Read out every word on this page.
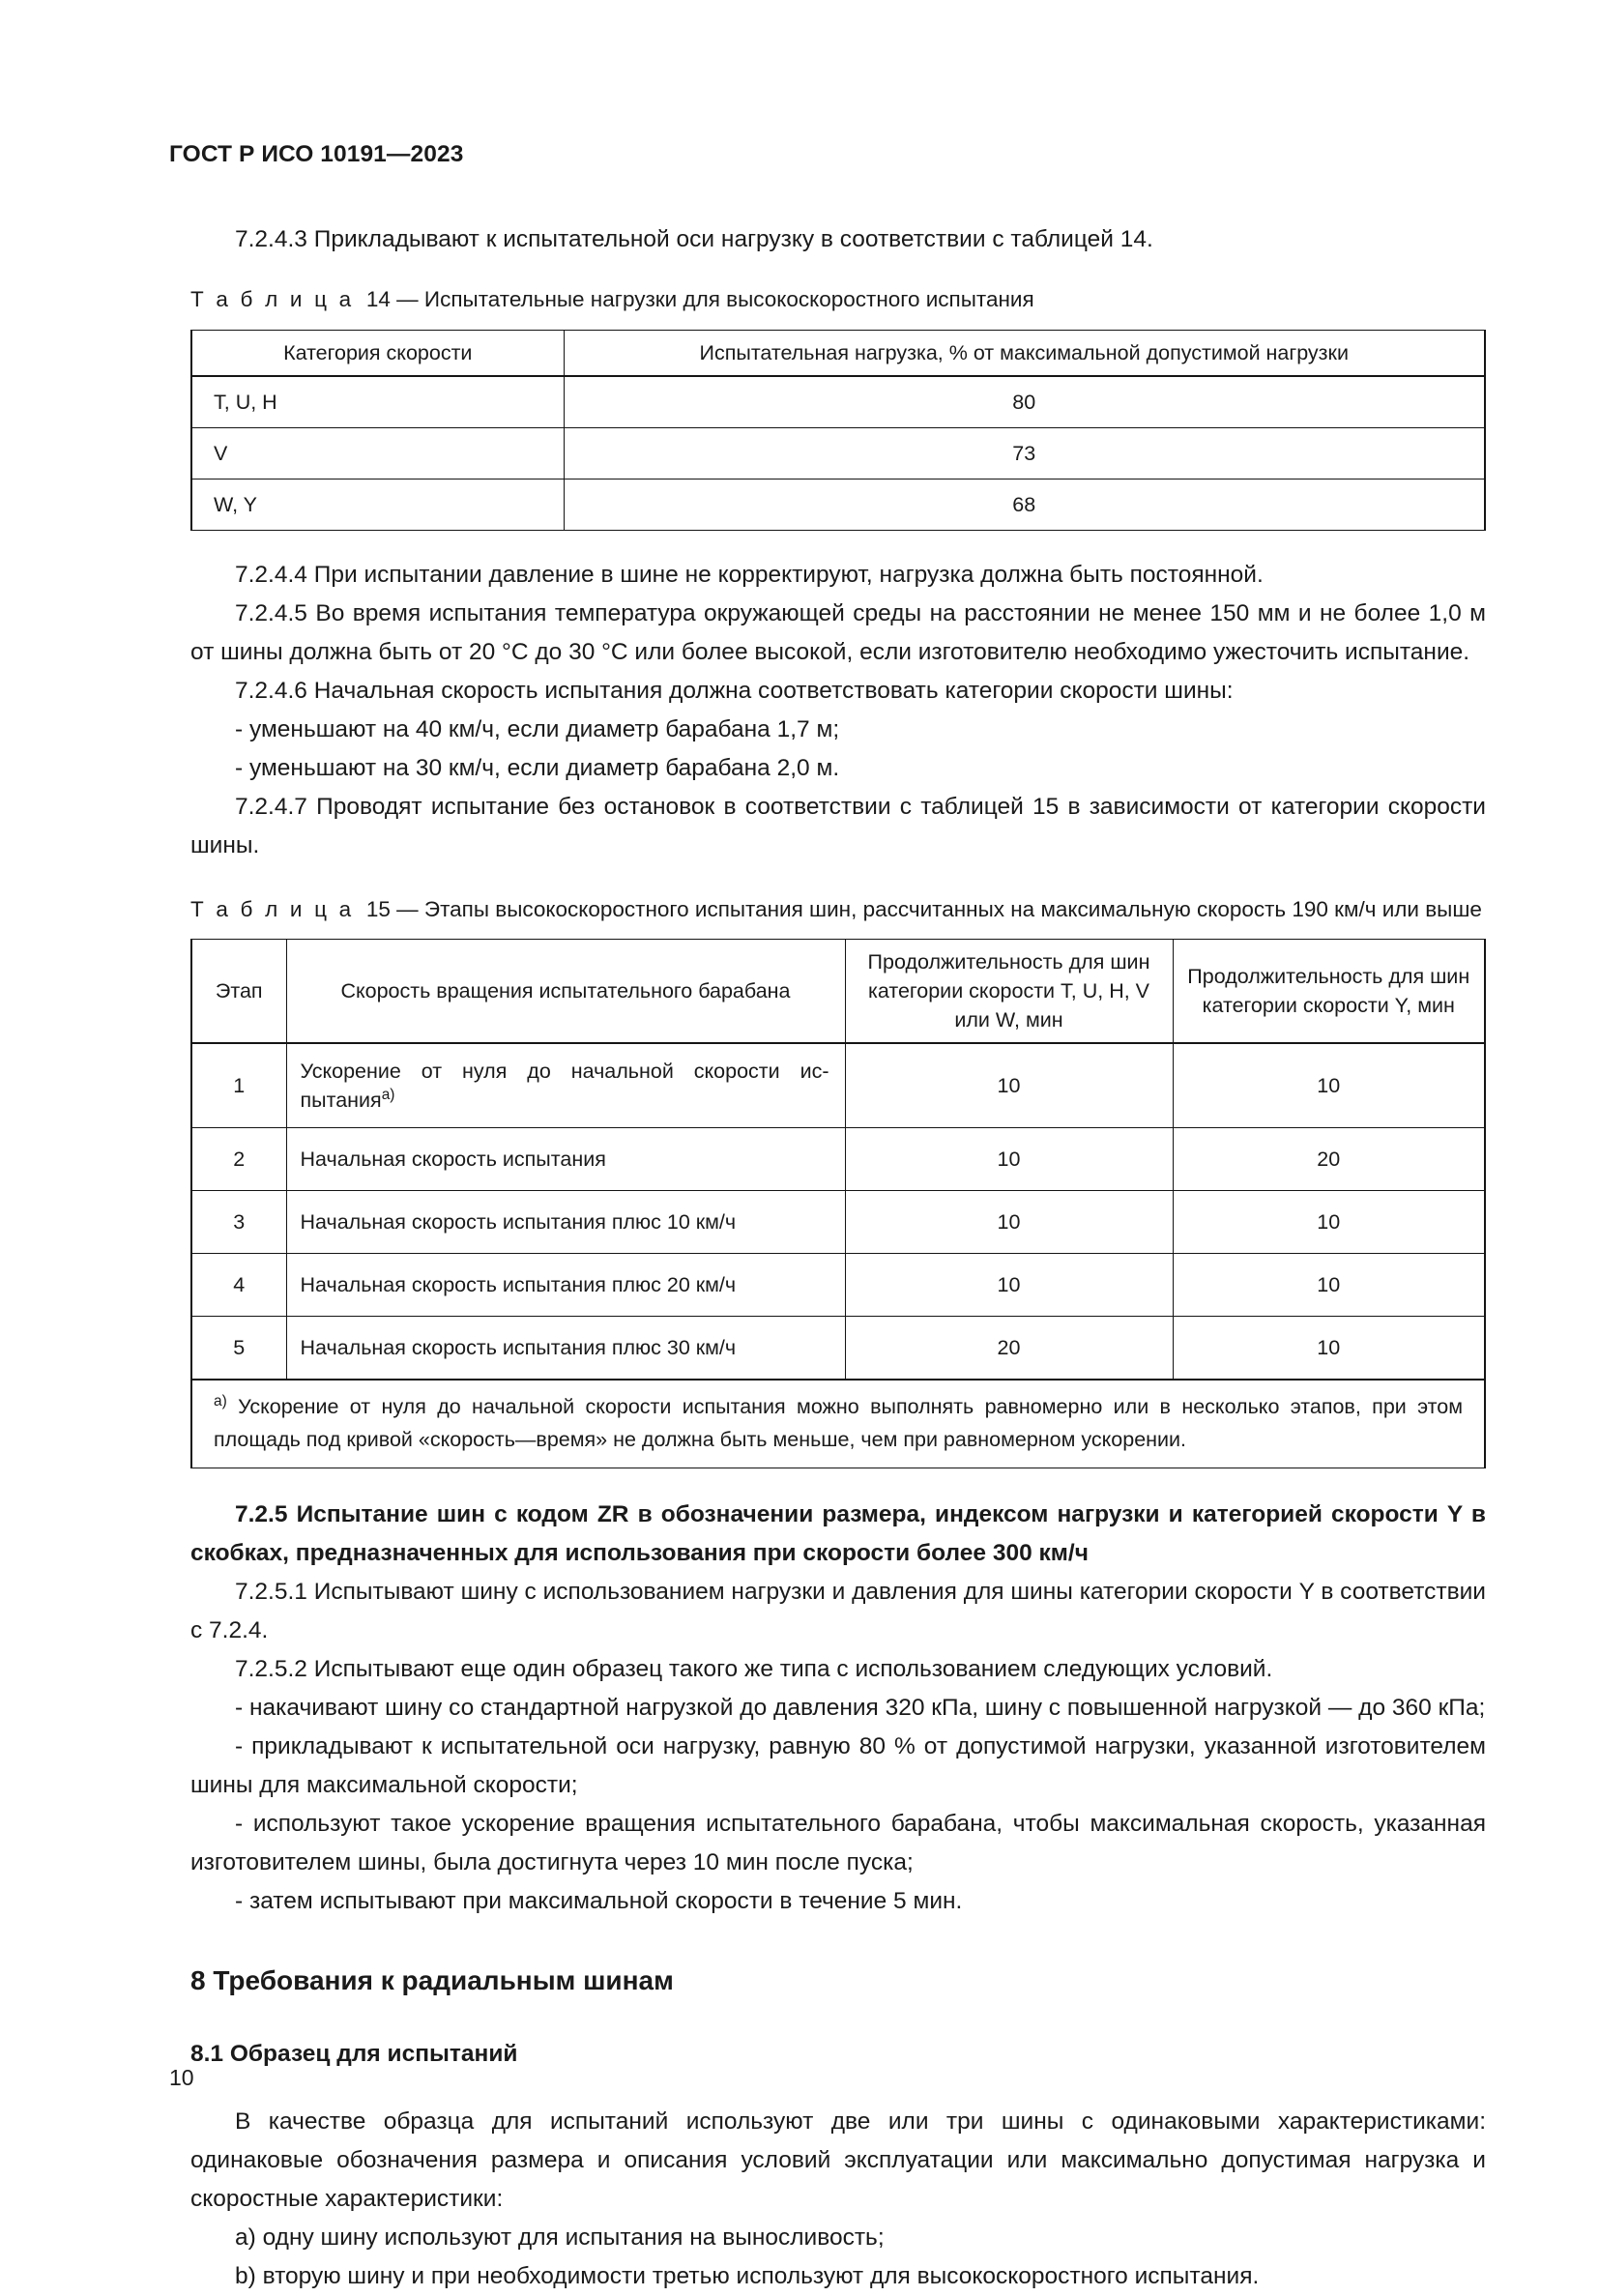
ГОСТ Р ИСО 10191—2023

7.2.4.3 Прикладывают к испытательной оси нагрузку в соответствии с таблицей 14.

Т а б л и ц а 14 — Испытательные нагрузки для высокоскоростного испытания

Категория скорости	Испытательная нагрузка, % от максимальной допустимой нагрузки
T, U, H	80
V	73
W, Y	68

7.2.4.4 При испытании давление в шине не корректируют, нагрузка должна быть постоянной.

7.2.4.5 Во время испытания температура окружающей среды на расстоянии не менее 150 мм и не более 1,0 м от шины должна быть от 20 °C до 30 °C или более высокой, если изготовителю необходимо ужесточить испытание.

7.2.4.6 Начальная скорость испытания должна соответствовать категории скорости шины:

- уменьшают на 40 км/ч, если диаметр барабана 1,7 м;

- уменьшают на 30 км/ч, если диаметр барабана 2,0 м.

7.2.4.7 Проводят испытание без остановок в соответствии с таблицей 15 в зависимости от категории скорости шины.

Т а б л и ц а 15 — Этапы высокоскоростного испытания шин, рассчитанных на максимальную скорость 190 км/ч или выше

Этап	Скорость вращения испытательного барабана	Продолжительность для шин категории скорости T, U, H, V или W, мин	Продолжительность для шин категории скорости Y, мин
1	Ускорение от нуля до начальной скорости ис-пытания$^{a)}$	10	10
2	Начальная скорость испытания	10	20
3	Начальная скорость испытания плюс 10 км/ч	10	10
4	Начальная скорость испытания плюс 20 км/ч	10	10
5	Начальная скорость испытания плюс 30 км/ч	20	10
$^{a)}$ Ускорение от нуля до начальной скорости испытания можно выполнять равномерно или в несколько этапов, при этом площадь под кривой «скорость—время» не должна быть меньше, чем при равномерном ускорении.			

7.2.5 Испытание шин с кодом ZR в обозначении размера, индексом нагрузки и категорией скорости Y в скобках, предназначенных для использования при скорости более 300 км/ч

7.2.5.1 Испытывают шину с использованием нагрузки и давления для шины категории скорости Y в соответствии с 7.2.4.

7.2.5.2 Испытывают еще один образец такого же типа с использованием следующих условий.

- накачивают шину со стандартной нагрузкой до давления 320 кПа, шину с повышенной нагрузкой — до 360 кПа;

- прикладывают к испытательной оси нагрузку, равную 80 % от допустимой нагрузки, указанной изготовителем шины для максимальной скорости;

- используют такое ускорение вращения испытательного барабана, чтобы максимальная скорость, указанная изготовителем шины, была достигнута через 10 мин после пуска;

- затем испытывают при максимальной скорости в течение 5 мин.

8 Требования к радиальным шинам
8.1 Образец для испытаний

В качестве образца для испытаний используют две или три шины с одинаковыми характеристиками: одинаковые обозначения размера и описания условий эксплуатации или максимально допустимая нагрузка и скоростные характеристики:

a) одну шину используют для испытания на выносливость;

b) вторую шину и при необходимости третью используют для высокоскоростного испытания.

10
